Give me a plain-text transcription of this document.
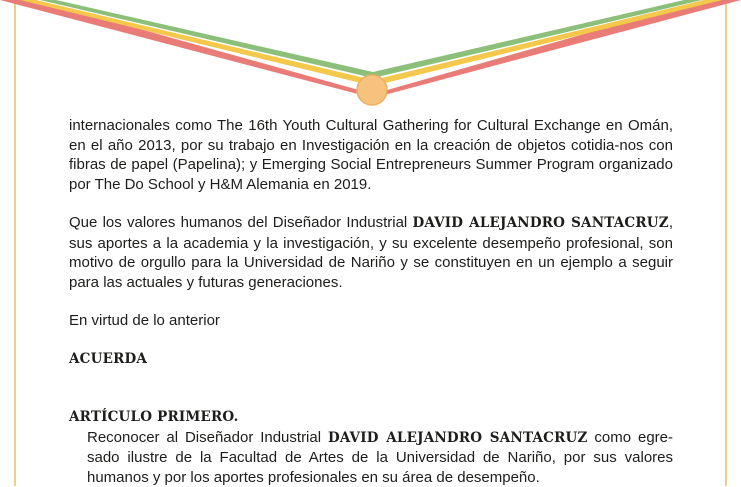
internacionales como The 16th Youth Cultural Gathering for Cultural Exchange en Omán, en el año 2013, por su trabajo en Investigación en la creación de objetos cotidia-nos con fibras de papel (Papelina); y Emerging Social Entrepreneurs Summer Program organizado por The Do School y H&M Alemania en 2019.

Que los valores humanos del Diseñador Industrial DAVID ALEJANDRO SANTACRUZ, sus aportes a la academia y la investigación, y su excelente desempeño profesional, son motivo de orgullo para la Universidad de Nariño y se constituyen en un ejemplo a seguir para las actuales y futuras generaciones.

En virtud de lo anterior

ACUERDA

ARTÍCULO PRIMERO.

Reconocer al Diseñador Industrial DAVID ALEJANDRO SANTACRUZ como egre-sado ilustre de la Facultad de Artes de la Universidad de Nariño, por sus valores humanos y por los aportes profesionales en su área de desempeño.
